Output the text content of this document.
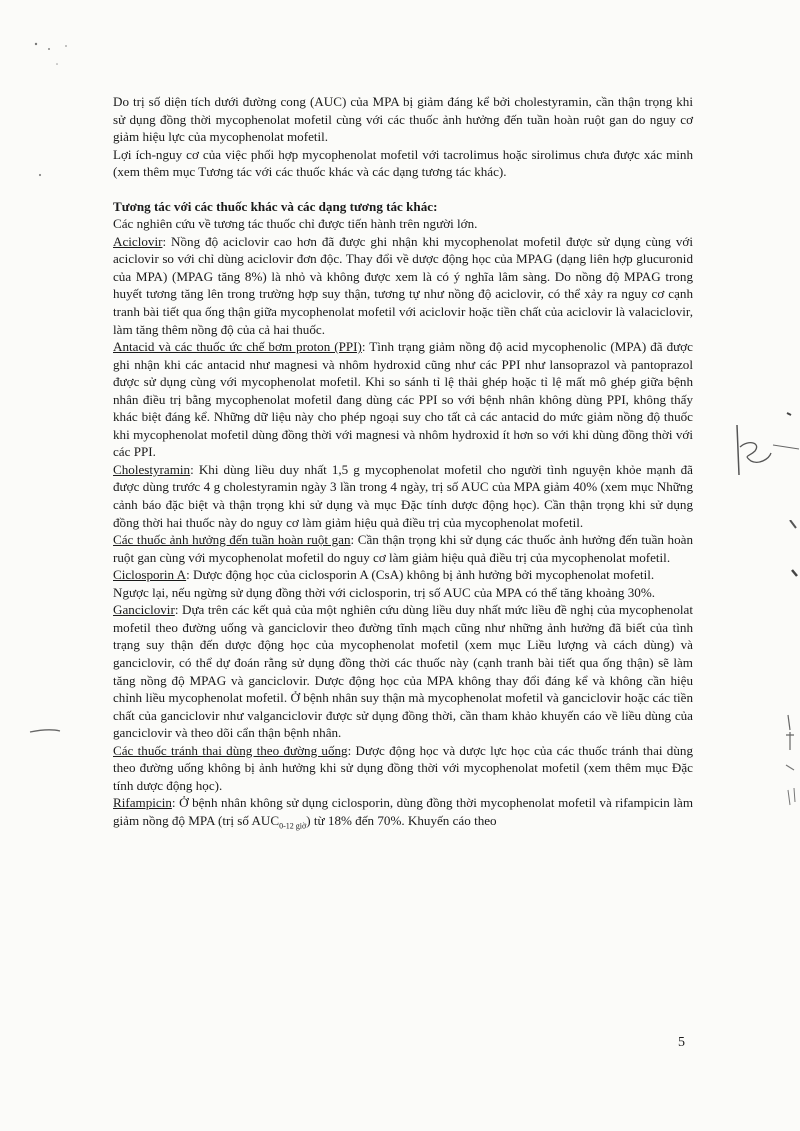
Do trị số diện tích dưới đường cong (AUC) của MPA bị giảm đáng kể bởi cholestyramin, cần thận trọng khi sử dụng đồng thời mycophenolat mofetil cùng với các thuốc ảnh hưởng đến tuần hoàn ruột gan do nguy cơ giảm hiệu lực của mycophenolat mofetil.

Lợi ích-nguy cơ của việc phối hợp mycophenolat mofetil với tacrolimus hoặc sirolimus chưa được xác minh (xem thêm mục Tương tác với các thuốc khác và các dạng tương tác khác).

Tương tác với các thuốc khác và các dạng tương tác khác:

Các nghiên cứu về tương tác thuốc chỉ được tiến hành trên người lớn.

Aciclovir: Nồng độ aciclovir cao hơn đã được ghi nhận khi mycophenolat mofetil được sử dụng cùng với aciclovir so với chỉ dùng aciclovir đơn độc. Thay đổi về dược động học của MPAG (dạng liên hợp glucuronid của MPA) (MPAG tăng 8%) là nhỏ và không được xem là có ý nghĩa lâm sàng. Do nồng độ MPAG trong huyết tương tăng lên trong trường hợp suy thận, tương tự như nồng độ aciclovir, có thể xảy ra nguy cơ cạnh tranh bài tiết qua ống thận giữa mycophenolat mofetil với aciclovir hoặc tiền chất của aciclovir là valaciclovir, làm tăng thêm nồng độ của cả hai thuốc.

Antacid và các thuốc ức chế bơm proton (PPI): Tình trạng giảm nồng độ acid mycophenolic (MPA) đã được ghi nhận khi các antacid như magnesi và nhôm hydroxid cũng như các PPI như lansoprazol và pantoprazol được sử dụng cùng với mycophenolat mofetil. Khi so sánh tỉ lệ thải ghép hoặc tỉ lệ mất mô ghép giữa bệnh nhân điều trị bằng mycophenolat mofetil đang dùng các PPI so với bệnh nhân không dùng PPI, không thấy khác biệt đáng kể. Những dữ liệu này cho phép ngoại suy cho tất cả các antacid do mức giảm nồng độ thuốc khi mycophenolat mofetil dùng đồng thời với magnesi và nhôm hydroxid ít hơn so với khi dùng đồng thời với các PPI.

Cholestyramin: Khi dùng liều duy nhất 1,5 g mycophenolat mofetil cho người tình nguyện khỏe mạnh đã được dùng trước 4 g cholestyramin ngày 3 lần trong 4 ngày, trị số AUC của MPA giảm 40% (xem mục Những cảnh báo đặc biệt và thận trọng khi sử dụng và mục Đặc tính dược động học). Cần thận trọng khi sử dụng đồng thời hai thuốc này do nguy cơ làm giảm hiệu quả điều trị của mycophenolat mofetil.

Các thuốc ảnh hưởng đến tuần hoàn ruột gan: Cần thận trọng khi sử dụng các thuốc ảnh hưởng đến tuần hoàn ruột gan cùng với mycophenolat mofetil do nguy cơ làm giảm hiệu quả điều trị của mycophenolat mofetil.

Ciclosporin A: Dược động học của ciclosporin A (CsA) không bị ảnh hưởng bởi mycophenolat mofetil.

Ngược lại, nếu ngừng sử dụng đồng thời với ciclosporin, trị số AUC của MPA có thể tăng khoảng 30%.

Ganciclovir: Dựa trên các kết quả của một nghiên cứu dùng liều duy nhất mức liều đề nghị của mycophenolat mofetil theo đường uống và ganciclovir theo đường tĩnh mạch cũng như những ảnh hưởng đã biết của tình trạng suy thận đến dược động học của mycophenolat mofetil (xem mục Liều lượng và cách dùng) và ganciclovir, có thể dự đoán rằng sử dụng đồng thời các thuốc này (cạnh tranh bài tiết qua ống thận) sẽ làm tăng nồng độ MPAG và ganciclovir. Dược động học của MPA không thay đổi đáng kể và không cần hiệu chỉnh liều mycophenolat mofetil. Ở bệnh nhân suy thận mà mycophenolat mofetil và ganciclovir hoặc các tiền chất của ganciclovir như valganciclovir được sử dụng đồng thời, cần tham khảo khuyến cáo về liều dùng của ganciclovir và theo dõi cẩn thận bệnh nhân.

Các thuốc tránh thai dùng theo đường uống: Dược động học và dược lực học của các thuốc tránh thai dùng theo đường uống không bị ảnh hưởng khi sử dụng đồng thời với mycophenolat mofetil (xem thêm mục Đặc tính dược động học).

Rifampicin: Ở bệnh nhân không sử dụng ciclosporin, dùng đồng thời mycophenolat mofetil và rifampicin làm giảm nồng độ MPA (trị số $AUC_{0-12 giờ}$) từ 18% đến 70%. Khuyến cáo theo

5
